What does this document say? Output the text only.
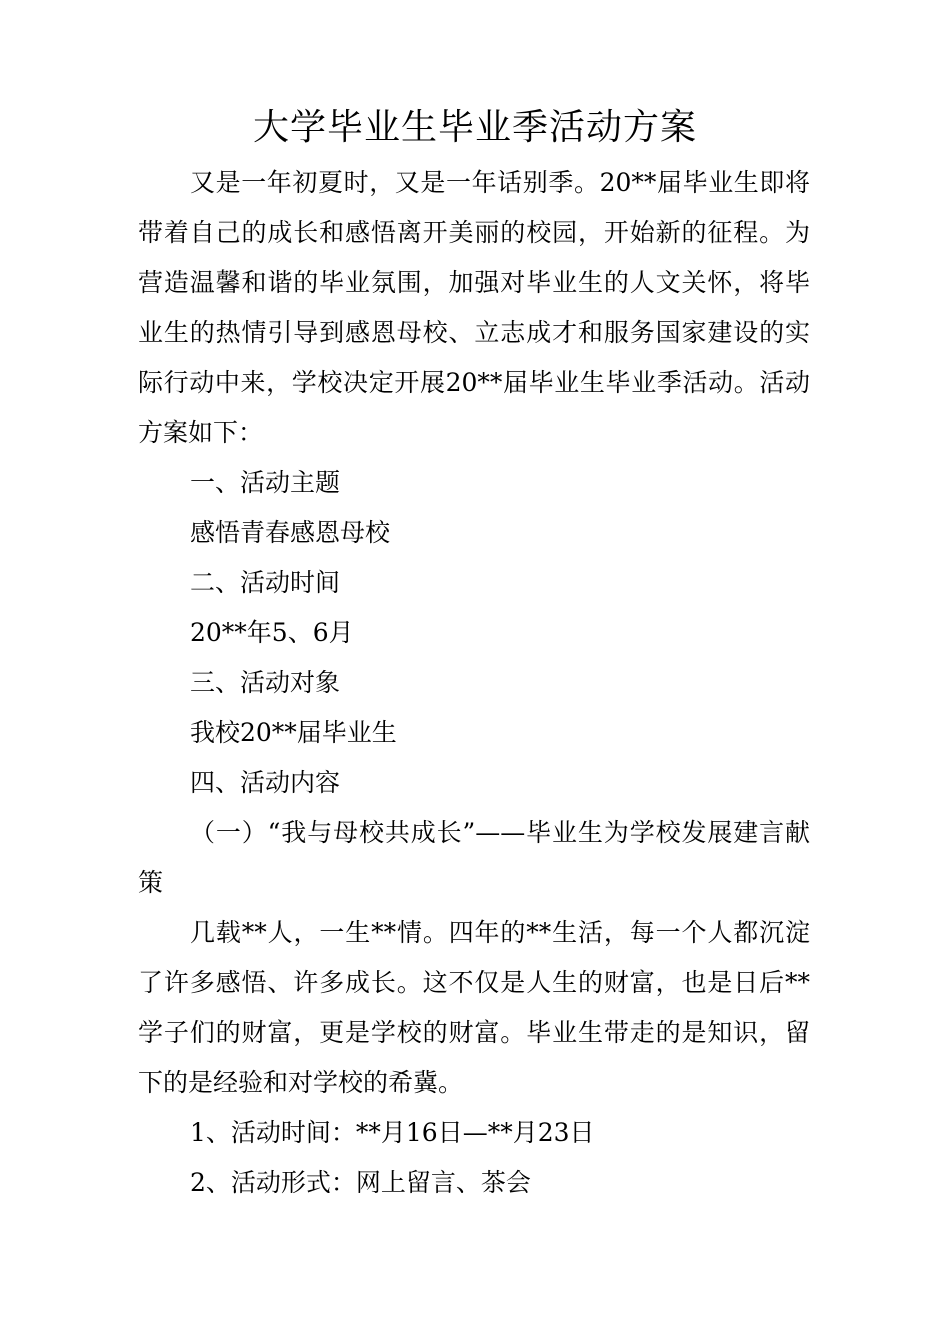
大学毕业生毕业季活动方案

又是一年初夏时，又是一年话别季。20**届毕业生即将带着自己的成长和感悟离开美丽的校园，开始新的征程。为营造温馨和谐的毕业氛围，加强对毕业生的人文关怀，将毕业生的热情引导到感恩母校、立志成才和服务国家建设的实际行动中来，学校决定开展20**届毕业生毕业季活动。活动方案如下：

一、活动主题

感悟青春感恩母校

二、活动时间

20**年5、6月

三、活动对象

我校20**届毕业生

四、活动内容

（一）“我与母校共成长”——毕业生为学校发展建言献策

几载**人，一生**情。四年的**生活，每一个人都沉淀了许多感悟、许多成长。这不仅是人生的财富，也是日后**学子们的财富，更是学校的财富。毕业生带走的是知识，留下的是经验和对学校的希冀。

1、活动时间：**月16日—**月23日

2、活动形式：网上留言、茶会
